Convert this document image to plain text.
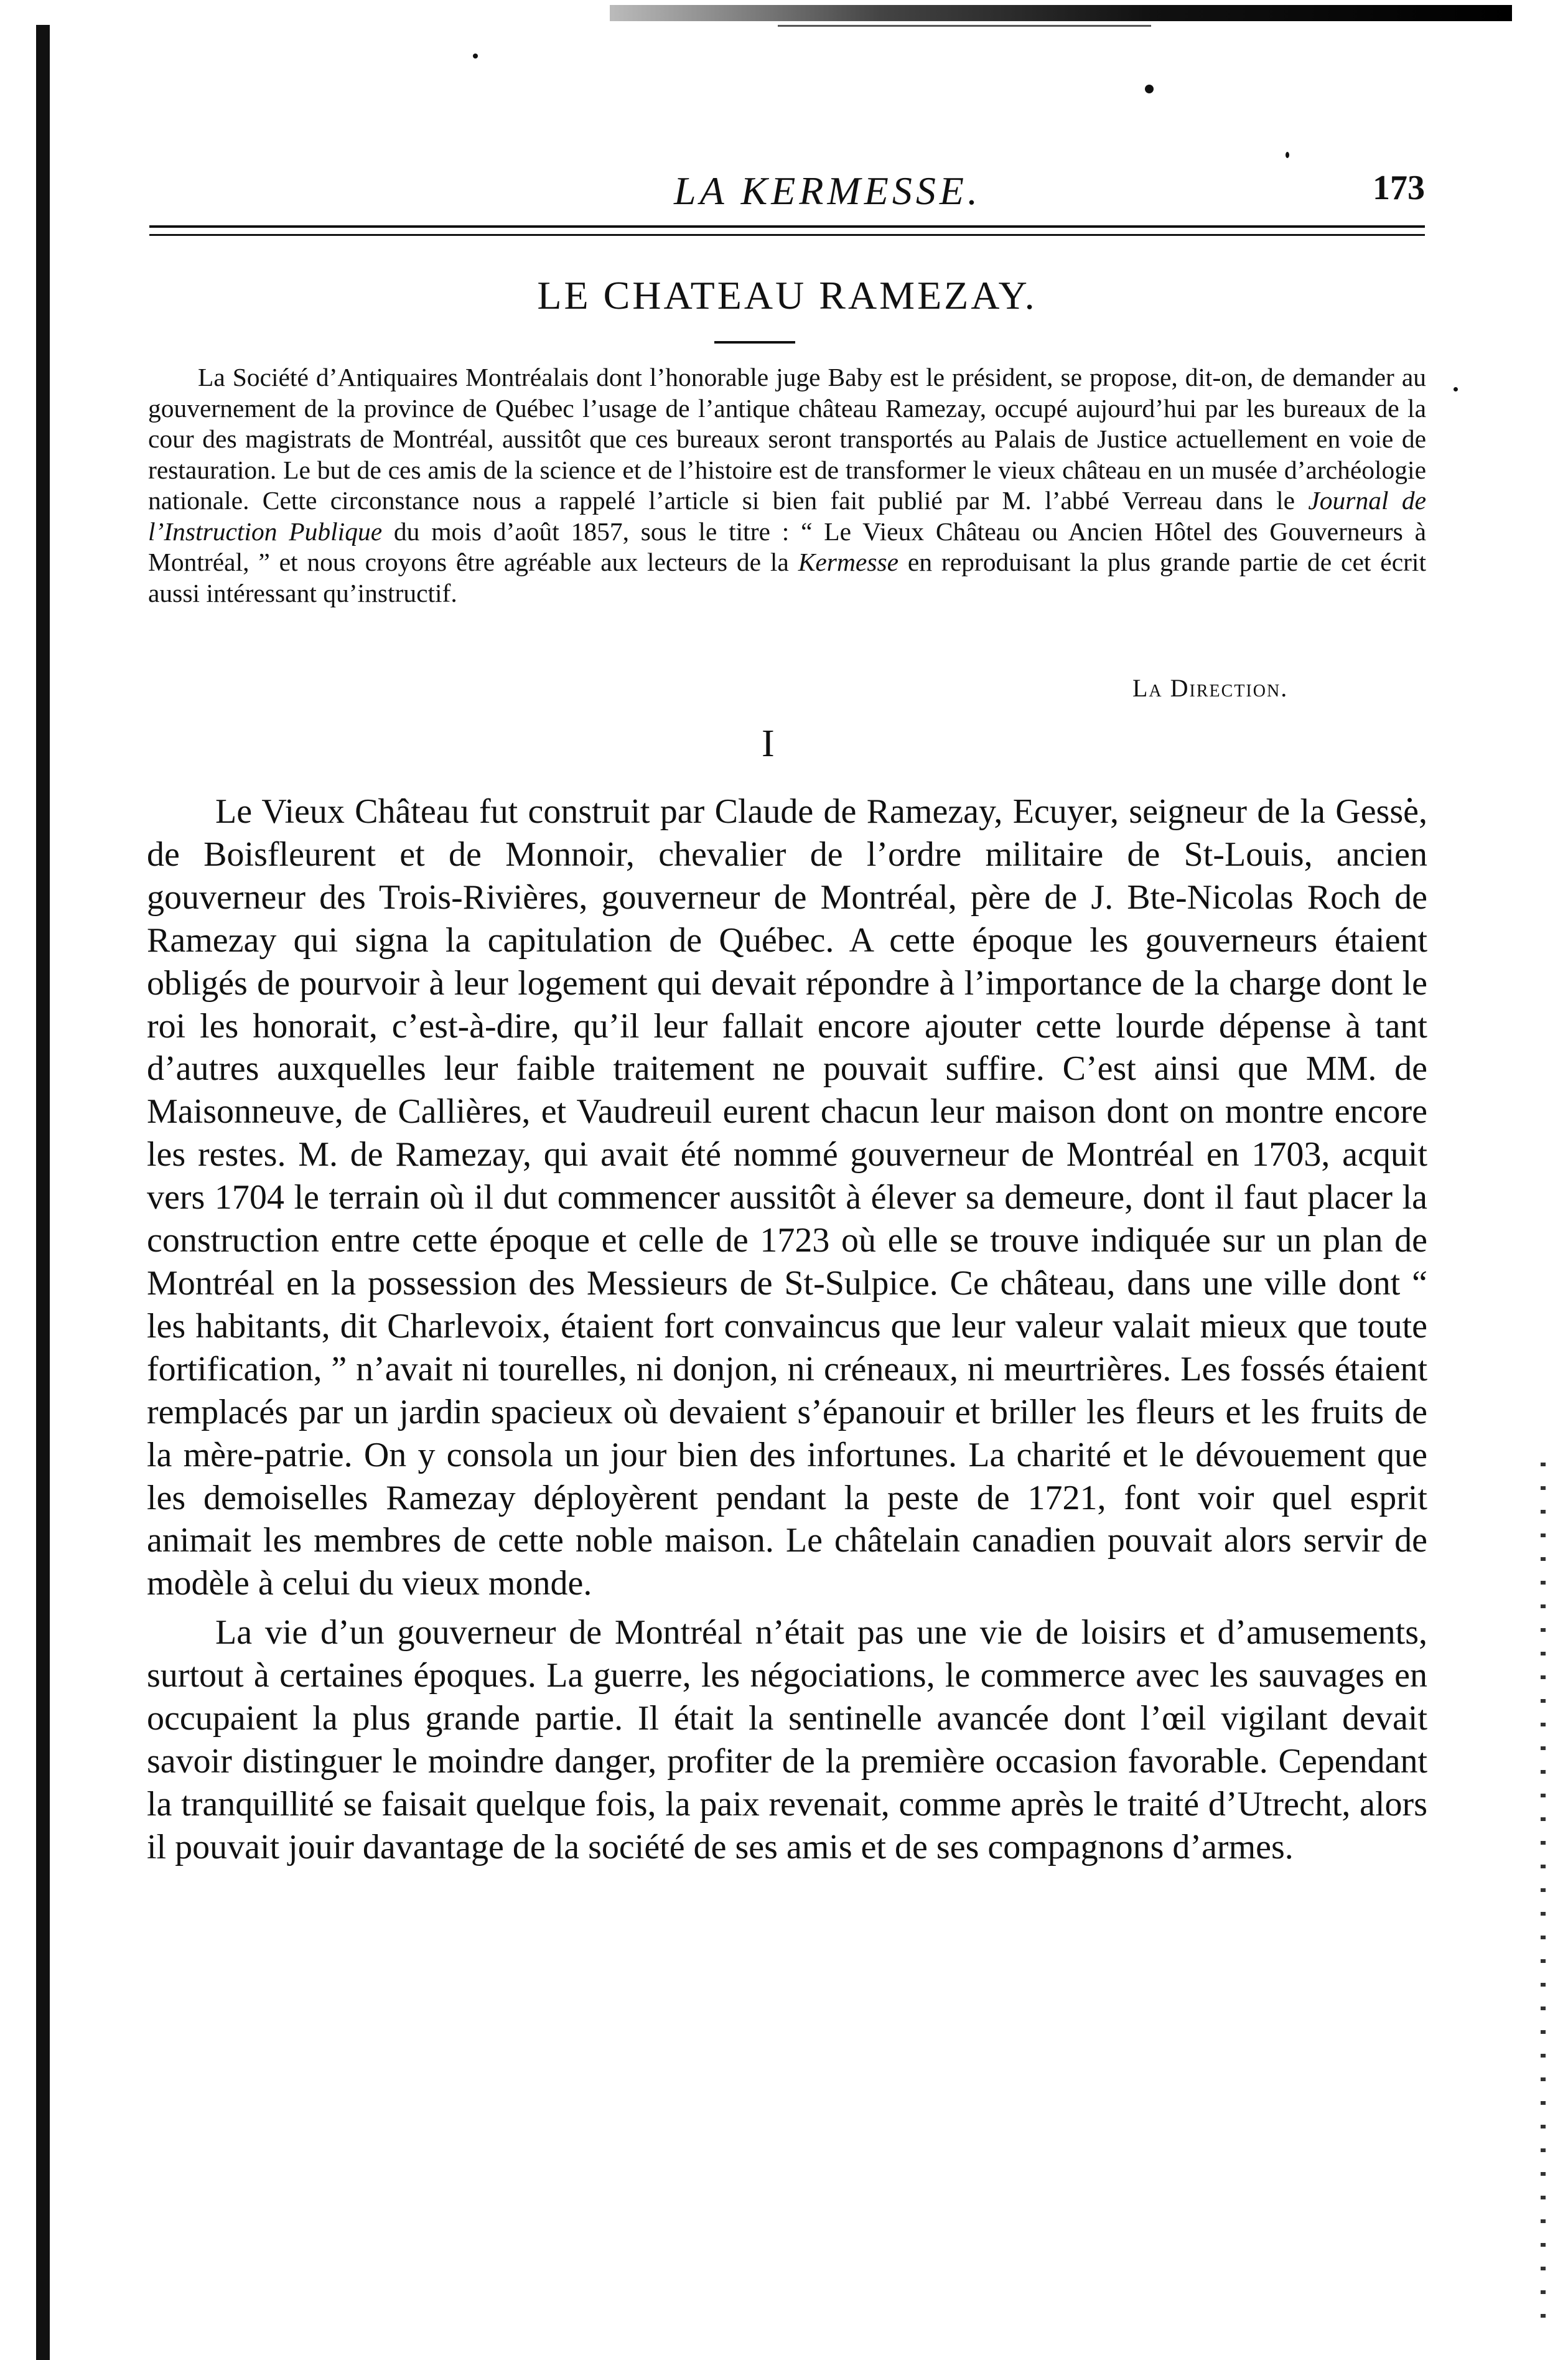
LA KERMESSE.	173
LE CHATEAU RAMEZAY.

La Société d’Antiquaires Montréalais dont l’honorable juge Baby est le président, se propose, dit-on, de demander au gouvernement de la province de Québec l’usage de l’antique château Ramezay, occupé aujourd’hui par les bureaux de la cour des magistrats de Montréal, aussitôt que ces bureaux seront transportés au Palais de Justice actuellement en voie de restauration. Le but de ces amis de la science et de l’histoire est de transformer le vieux château en un musée d’archéologie nationale. Cette circonstance nous a rappelé l’article si bien fait publié par M. l’abbé Verreau dans le Journal de l’Instruction Publique du mois d’août 1857, sous le titre : “ Le Vieux Château ou Ancien Hôtel des Gouverneurs à Montréal, ” et nous croyons être agréable aux lecteurs de la Kermesse en reproduisant la plus grande partie de cet écrit aussi intéressant qu’instructif.

La Direction.
I

Le Vieux Château fut construit par Claude de Ramezay, Ecuyer, seigneur de la Gesse, de Boisfleurent et de Monnoir, chevalier de l’ordre militaire de St-Louis, ancien gouverneur des Trois-Rivières, gouverneur de Montréal, père de J. Bte-Nicolas Roch de Ramezay qui signa la capitulation de Québec. A cette époque les gouverneurs étaient obligés de pourvoir à leur logement qui devait répondre à l’importance de la charge dont le roi les honorait, c’est-à-dire, qu’il leur fallait encore ajouter cette lourde dépense à tant d’autres auxquelles leur faible traitement ne pouvait suffire. C’est ainsi que MM. de Maisonneuve, de Callières, et Vaudreuil eurent chacun leur maison dont on montre encore les restes. M. de Ramezay, qui avait été nommé gouverneur de Montréal en 1703, acquit vers 1704 le terrain où il dut commencer aussitôt à élever sa demeure, dont il faut placer la construction entre cette époque et celle de 1723 où elle se trouve indiquée sur un plan de Montréal en la possession des Messieurs de St-Sulpice. Ce château, dans une ville dont “ les habitants, dit Charlevoix, étaient fort convaincus que leur valeur valait mieux que toute fortification, ” n’avait ni tourelles, ni donjon, ni créneaux, ni meurtrières. Les fossés étaient remplacés par un jardin spacieux où devaient s’épanouir et briller les fleurs et les fruits de la mère-patrie. On y consola un jour bien des infortunes. La charité et le dévouement que les demoiselles Ramezay déployèrent pendant la peste de 1721, font voir quel esprit animait les membres de cette noble maison. Le châtelain canadien pouvait alors servir de modèle à celui du vieux monde.

La vie d’un gouverneur de Montréal n’était pas une vie de loisirs et d’amusements, surtout à certaines époques. La guerre, les négociations, le commerce avec les sauvages en occupaient la plus grande partie. Il était la sentinelle avancée dont l’œil vigilant devait savoir distinguer le moindre danger, profiter de la première occasion favorable. Cependant la tranquillité se faisait quelque fois, la paix revenait, comme après le traité d’Utrecht, alors il pouvait jouir davantage de la société de ses amis et de ses compagnons d’armes.
